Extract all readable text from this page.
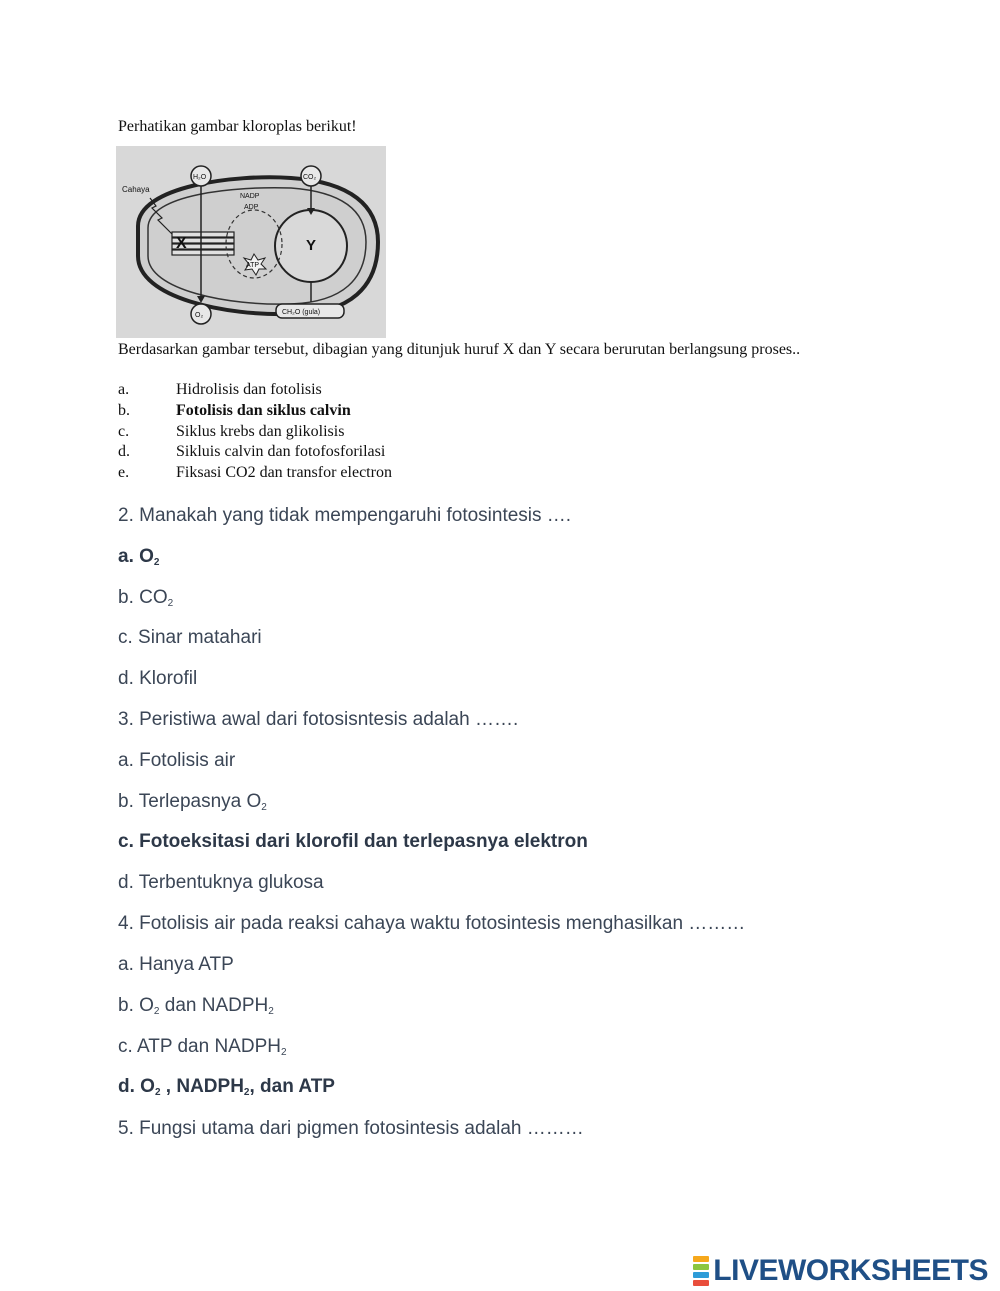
Perhatikan gambar kloroplas berikut!
X	Y
ATP
NADP
ADP
H₂O	CO₂
Cahaya
O₂	CH₂O (gula)
Berdasarkan gambar tersebut, dibagian yang ditunjuk huruf X dan Y secara berurutan berlangsung proses..
a.	Hidrolisis dan fotolisis
b.	Fotolisis dan siklus calvin
c.	Siklus krebs dan glikolisis
d.	Sikluis calvin dan fotofosforilasi
e.	Fiksasi CO2 dan transfor electron
2. Manakah yang tidak mempengaruhi fotosintesis ….
a. $O_2$
b. $CO_2$
c. Sinar matahari
d. Klorofil
3. Peristiwa awal dari fotosisntesis adalah …….
a. Fotolisis air
b. Terlepasnya $O_2$
c. Fotoeksitasi dari klorofil dan terlepasnya elektron
d. Terbentuknya glukosa
4. Fotolisis air pada reaksi cahaya waktu fotosintesis menghasilkan ………
a. Hanya ATP
b. $O_2$ dan $NADPH_2$
c. ATP dan $NADPH_2$
d. $O_2$ , $NADPH_2$, dan ATP
5. Fungsi utama dari pigmen fotosintesis adalah ………
LIVEWORKSHEETS
